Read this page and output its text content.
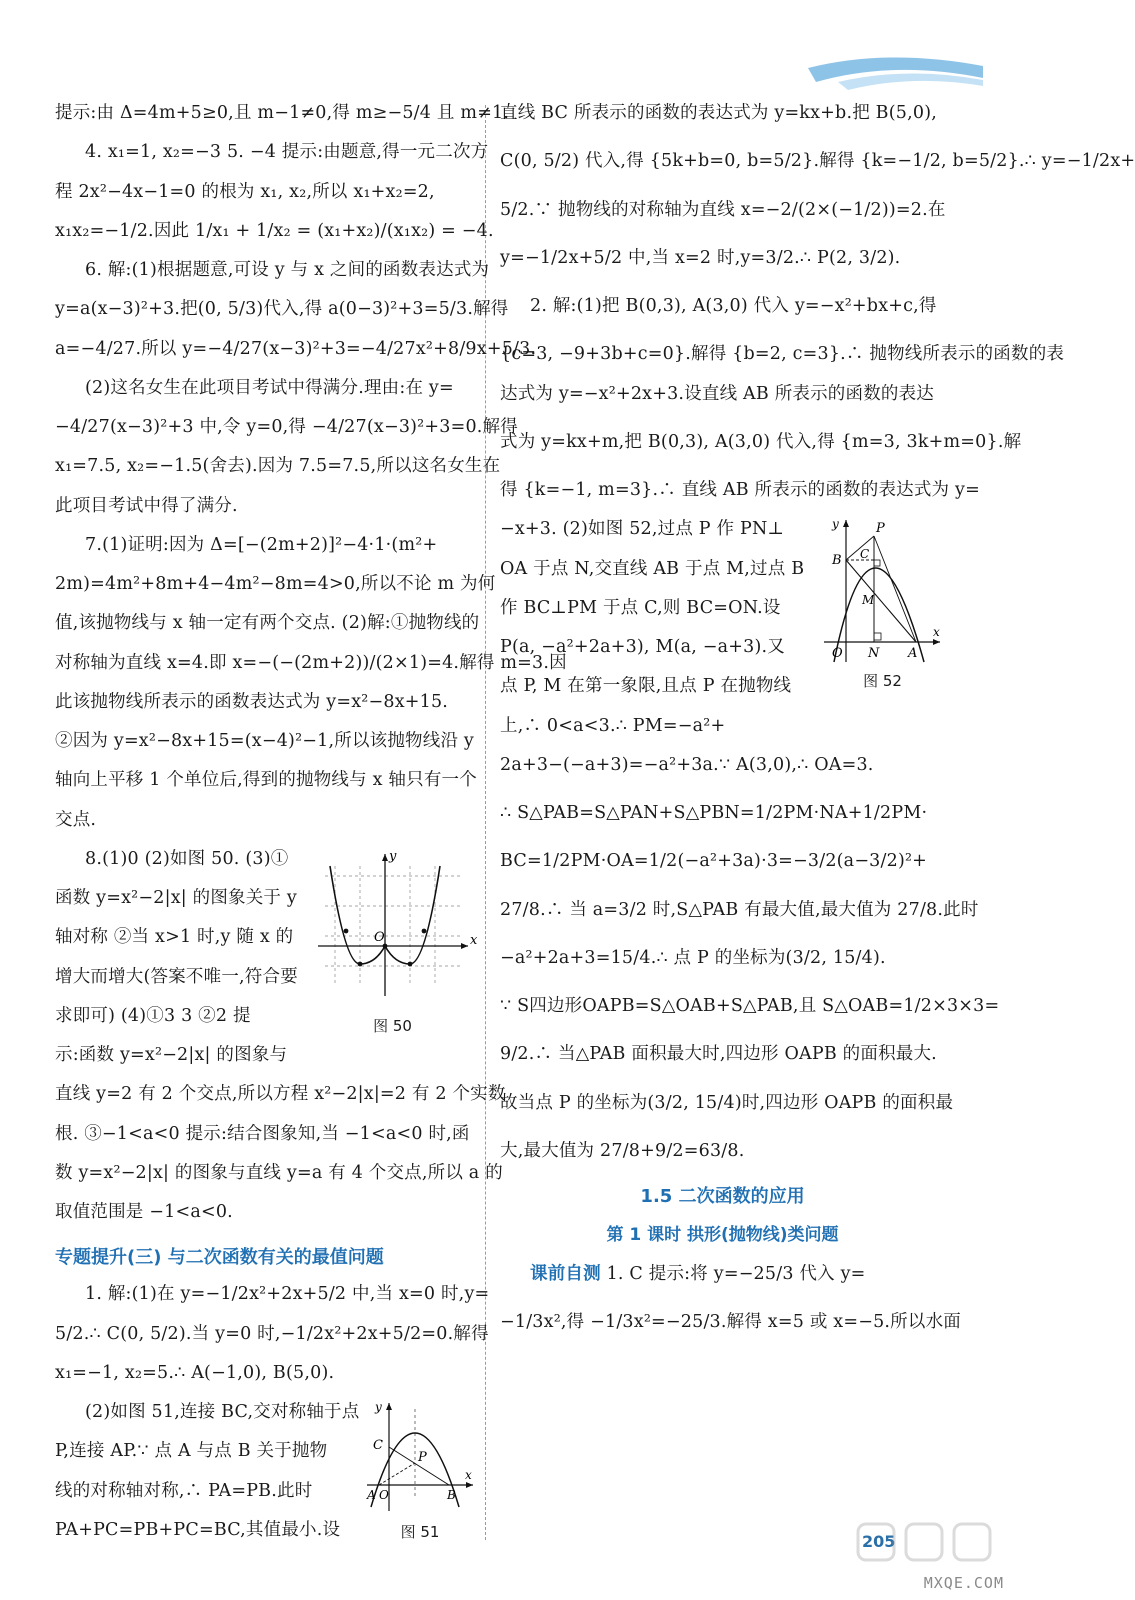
提示:由 Δ=4m+5≥0,且 m−1≠0,得 m≥−5/4 且 m≠1.
4. x₁=1, x₂=−3 5. −4 提示:由题意,得一元二次方
程 2x²−4x−1=0 的根为 x₁, x₂,所以 x₁+x₂=2,
x₁x₂=−1/2.因此 1/x₁ + 1/x₂ = (x₁+x₂)/(x₁x₂) = −4.
6. 解:(1)根据题意,可设 y 与 x 之间的函数表达式为
y=a(x−3)²+3.把(0, 5/3)代入,得 a(0−3)²+3=5/3.解得
a=−4/27.所以 y=−4/27(x−3)²+3=−4/27x²+8/9x+5/3.
(2)这名女生在此项目考试中得满分.理由:在 y=
−4/27(x−3)²+3 中,令 y=0,得 −4/27(x−3)²+3=0.解得
x₁=7.5, x₂=−1.5(舍去).因为 7.5=7.5,所以这名女生在
此项目考试中得了满分.
7.(1)证明:因为 Δ=[−(2m+2)]²−4·1·(m²+
2m)=4m²+8m+4−4m²−8m=4>0,所以不论 m 为何
值,该抛物线与 x 轴一定有两个交点. (2)解:①抛物线的
对称轴为直线 x=4.即 x=−(−(2m+2))/(2×1)=4.解得 m=3.因
此该抛物线所表示的函数表达式为 y=x²−8x+15.
②因为 y=x²−8x+15=(x−4)²−1,所以该抛物线沿 y
轴向上平移 1 个单位后,得到的抛物线与 x 轴只有一个
交点.
x
y
O
图 50
8.(1)0 (2)如图 50. (3)①
函数 y=x²−2|x| 的图象关于 y
轴对称 ②当 x>1 时,y 随 x 的
增大而增大(答案不唯一,符合要
求即可) (4)①3 3 ②2 提
示:函数 y=x²−2|x| 的图象与
直线 y=2 有 2 个交点,所以方程 x²−2|x|=2 有 2 个实数
根. ③−1<a<0 提示:结合图象知,当 −1<a<0 时,函
数 y=x²−2|x| 的图象与直线 y=a 有 4 个交点,所以 a 的
取值范围是 −1<a<0.
专题提升(三) 与二次函数有关的最值问题
1. 解:(1)在 y=−1/2x²+2x+5/2 中,当 x=0 时,y=
5/2.∴ C(0, 5/2).当 y=0 时,−1/2x²+2x+5/2=0.解得
x₁=−1, x₂=5.∴ A(−1,0), B(5,0).
C
P
A O	B
x
y
图 51
(2)如图 51,连接 BC,交对称轴于点
P,连接 AP.∵ 点 A 与点 B 关于抛物
线的对称轴对称,∴ PA=PB.此时
PA+PC=PB+PC=BC,其值最小.设
直线 BC 所表示的函数的表达式为 y=kx+b.把 B(5,0),
C(0, 5/2) 代入,得 {5k+b=0, b=5/2}.解得 {k=−1/2, b=5/2}.∴ y=−1/2x+
5/2.∵ 抛物线的对称轴为直线 x=−2/(2×(−1/2))=2.在
y=−1/2x+5/2 中,当 x=2 时,y=3/2.∴ P(2, 3/2).
2. 解:(1)把 B(0,3), A(3,0) 代入 y=−x²+bx+c,得
{c=3, −9+3b+c=0}.解得 {b=2, c=3}.∴ 抛物线所表示的函数的表
达式为 y=−x²+2x+3.设直线 AB 所表示的函数的表达
式为 y=kx+m,把 B(0,3), A(3,0) 代入,得 {m=3, 3k+m=0}.解
得 {k=−1, m=3}.∴ 直线 AB 所表示的函数的表达式为 y=
P
B C
M
O N A
x
y
图 52
−x+3. (2)如图 52,过点 P 作 PN⊥
OA 于点 N,交直线 AB 于点 M,过点 B
作 BC⊥PM 于点 C,则 BC=ON.设
P(a, −a²+2a+3), M(a, −a+3).又
点 P, M 在第一象限,且点 P 在抛物线
上,∴ 0<a<3.∴ PM=−a²+
2a+3−(−a+3)=−a²+3a.∵ A(3,0),∴ OA=3.
∴ S△PAB=S△PAN+S△PBN=1/2PM·NA+1/2PM·
BC=1/2PM·OA=1/2(−a²+3a)·3=−3/2(a−3/2)²+
27/8.∴ 当 a=3/2 时,S△PAB 有最大值,最大值为 27/8.此时
−a²+2a+3=15/4.∴ 点 P 的坐标为(3/2, 15/4).
∵ S四边形OAPB=S△OAB+S△PAB,且 S△OAB=1/2×3×3=
9/2.∴ 当△PAB 面积最大时,四边形 OAPB 的面积最大.
故当点 P 的坐标为(3/2, 15/4)时,四边形 OAPB 的面积最
大,最大值为 27/8+9/2=63/8.
1.5 二次函数的应用
第 1 课时 拱形(抛物线)类问题
课前自测 1. C 提示:将 y=−25/3 代入 y=
−1/3x²,得 −1/3x²=−25/3.解得 x=5 或 x=−5.所以水面
205
MXQE.COM
